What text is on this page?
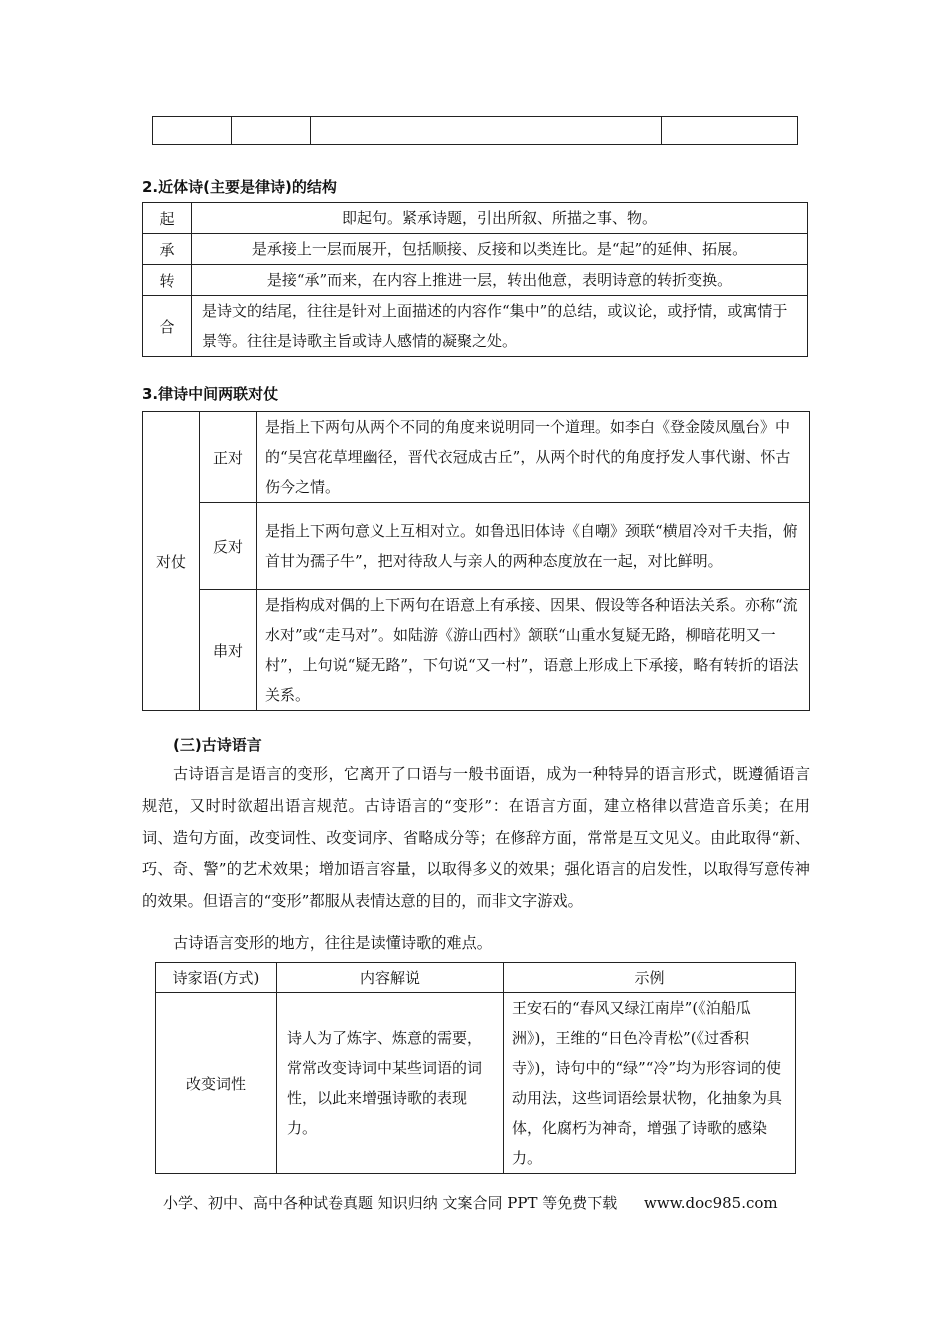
2.近体诗(主要是律诗)的结构
起	即起句。紧承诗题，引出所叙、所描之事、物。
承	是承接上一层而展开，包括顺接、反接和以类连比。是“起”的延伸、拓展。
转	是接“承”而来，在内容上推进一层，转出他意，表明诗意的转折变换。
合	是诗文的结尾，往往是针对上面描述的内容作“集中”的总结，或议论，或抒情，或寓情于景等。往往是诗歌主旨或诗人感情的凝聚之处。
3.律诗中间两联对仗
对仗	正对	是指上下两句从两个不同的角度来说明同一个道理。如李白《登金陵凤凰台》中的“吴宫花草埋幽径，晋代衣冠成古丘”，从两个时代的角度抒发人事代谢、怀古伤今之情。
	反对	是指上下两句意义上互相对立。如鲁迅旧体诗《自嘲》颈联“横眉冷对千夫指，俯首甘为孺子牛”，把对待敌人与亲人的两种态度放在一起，对比鲜明。
	串对	是指构成对偶的上下两句在语意上有承接、因果、假设等各种语法关系。亦称“流水对”或“走马对”。如陆游《游山西村》颔联“山重水复疑无路，柳暗花明又一村”，上句说“疑无路”，下句说“又一村”，语意上形成上下承接，略有转折的语法关系。
(三)古诗语言

古诗语言是语言的变形，它离开了口语与一般书面语，成为一种特异的语言形式，既遵循语言规范，又时时欲超出语言规范。古诗语言的“变形”：在语言方面，建立格律以营造音乐美；在用词、造句方面，改变词性、改变词序、省略成分等；在修辞方面，常常是互文见义。由此取得“新、巧、奇、警”的艺术效果；增加语言容量，以取得多义的效果；强化语言的启发性，以取得写意传神的效果。但语言的“变形”都服从表情达意的目的，而非文字游戏。

古诗语言变形的地方，往往是读懂诗歌的难点。

诗家语(方式)	内容解说	示例
改变词性	诗人为了炼字、炼意的需要，常常改变诗词中某些词语的词性，以此来增强诗歌的表现力。	王安石的“春风又绿江南岸”(《泊船瓜洲》)，王维的“日色冷青松”(《过香积寺》)，诗句中的“绿”“冷”均为形容词的使动用法，这些词语绘景状物，化抽象为具体，化腐朽为神奇，增强了诗歌的感染力。
小学、初中、高中各种试卷真题 知识归纳 文案合同 PPT 等免费下载 www.doc985.com
